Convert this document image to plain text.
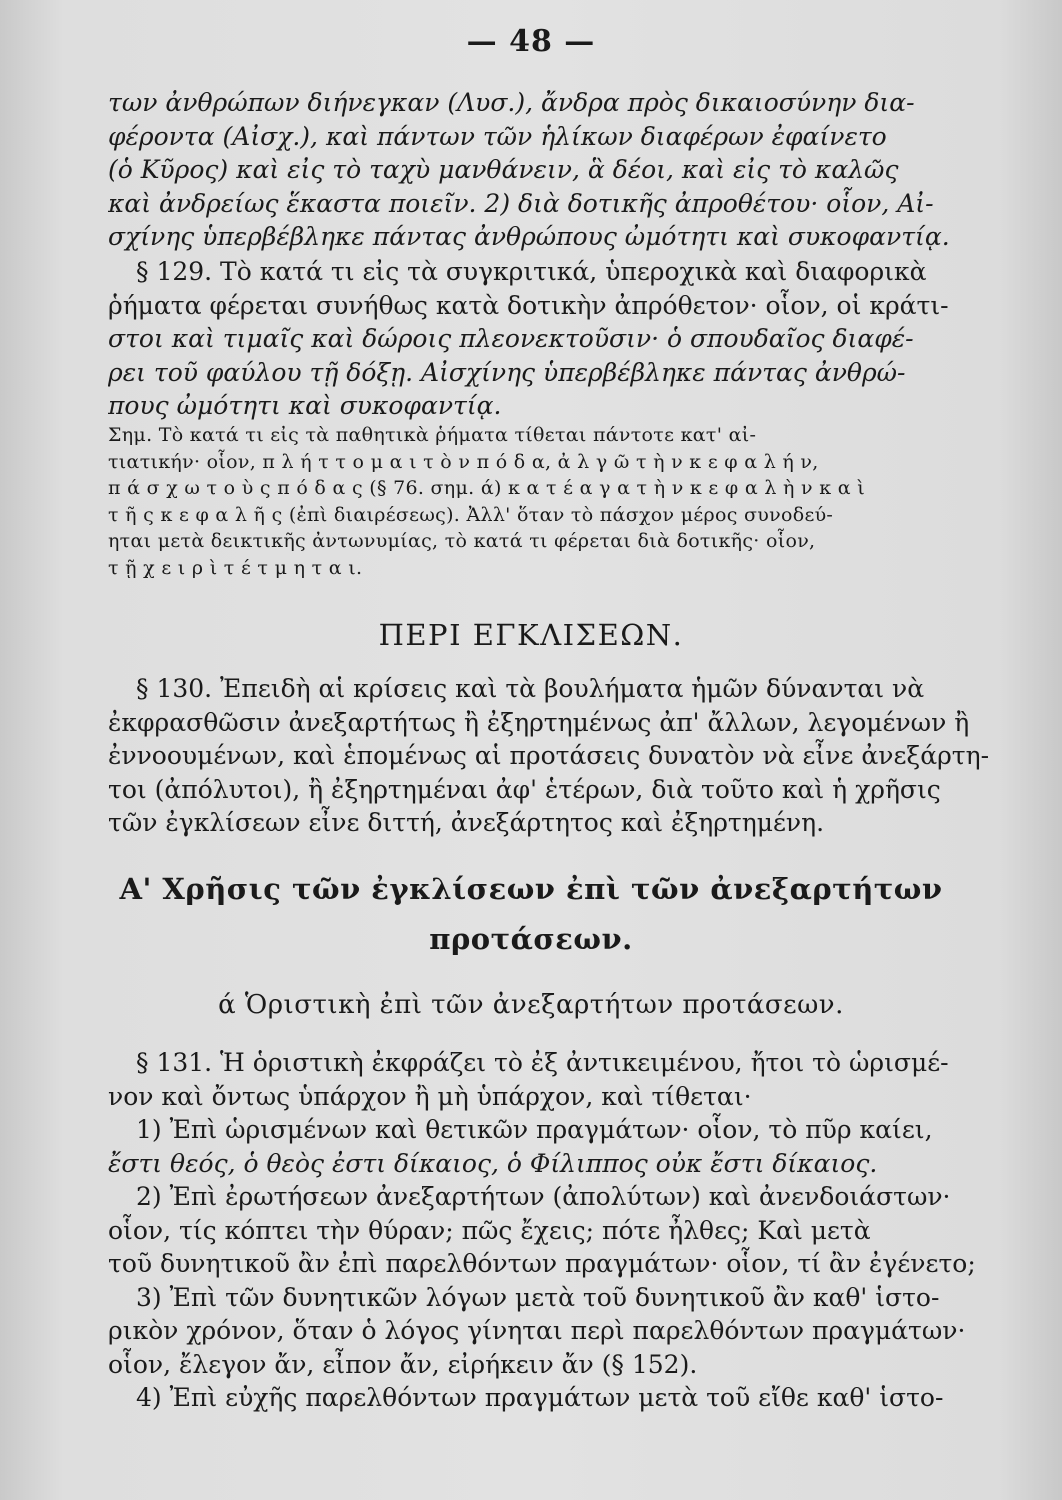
— 48 —
των ἀνθρώπων διήνεγκαν (Λυσ.), ἄνδρα πρὸς δικαιοσύνην δια-
φέροντα (Αἰσχ.), καὶ πάντων τῶν ἡλίκων διαφέρων ἐφαίνετο
(ὁ Κῦρος) καὶ εἰς τὸ ταχὺ μανθάνειν, ἃ δέοι, καὶ εἰς τὸ καλῶς
καὶ ἀνδρείως ἕκαστα ποιεῖν. 2) διὰ δοτικῆς ἀπροθέτου· οἷον, Αἰ-
σχίνης ὑπερβέβληκε πάντας ἀνθρώπους ὠμότητι καὶ συκοφαντίᾳ.
§ 129. Τὸ κατά τι εἰς τὰ συγκριτικά, ὑπεροχικὰ καὶ διαφορικὰ
ῥήματα φέρεται συνήθως κατὰ δοτικὴν ἀπρόθετον· οἷον, οἱ κράτι-
στοι καὶ τιμαῖς καὶ δώροις πλεονεκτοῦσιν· ὁ σπουδαῖος διαφέ-
ρει τοῦ φαύλου τῇ δόξῃ. Αἰσχίνης ὑπερβέβληκε πάντας ἀνθρώ-
πους ὠμότητι καὶ συκοφαντίᾳ.
Σημ. Τὸ κατά τι εἰς τὰ παθητικὰ ῥήματα τίθεται πάντοτε κατ' αἰ-
τιατικήν· οἷον, π λ ή τ τ ο μ α ι τ ὸ ν π ό δ α, ἀ λ γ ῶ τ ὴ ν κ ε φ α λ ή ν,
π ά σ χ ω τ ο ὺ ς π ό δ α ς (§ 76. σημ. ά) κ α τ έ α γ α τ ὴ ν κ ε φ α λ ὴ ν κ α ὶ
τ ῆ ς κ ε φ α λ ῆ ς (ἐπὶ διαιρέσεως). Ἀλλ' ὅταν τὸ πάσχον μέρος συνοδεύ-
ηται μετὰ δεικτικῆς ἀντωνυμίας, τὸ κατά τι φέρεται διὰ δοτικῆς· οἷον,
τ ῇ χ ε ι ρ ὶ τ έ τ μ η τ α ι.
ΠΕΡΙ ΕΓΚΛΙΣΕΩΝ.
§ 130. Ἐπειδὴ αἱ κρίσεις καὶ τὰ βουλήματα ἡμῶν δύνανται νὰ
ἐκφρασθῶσιν ἀνεξαρτήτως ἢ ἐξηρτημένως ἀπ' ἄλλων, λεγομένων ἢ
ἐννοουμένων, καὶ ἑπομένως αἱ προτάσεις δυνατὸν νὰ εἶνε ἀνεξάρτη-
τοι (ἀπόλυτοι), ἢ ἐξηρτημέναι ἀφ' ἑτέρων, διὰ τοῦτο καὶ ἡ χρῆσις
τῶν ἐγκλίσεων εἶνε διττή, ἀνεξάρτητος καὶ ἐξηρτημένη.
Α' Χρῆσις τῶν ἐγκλίσεων ἐπὶ τῶν ἀνεξαρτήτων
προτάσεων.
ά Ὁριστικὴ ἐπὶ τῶν ἀνεξαρτήτων προτάσεων.
§ 131. Ἡ ὁριστικὴ ἐκφράζει τὸ ἐξ ἀντικειμένου, ἤτοι τὸ ὡρισμέ-
νον καὶ ὄντως ὑπάρχον ἢ μὴ ὑπάρχον, καὶ τίθεται·
1) Ἐπὶ ὡρισμένων καὶ θετικῶν πραγμάτων· οἷον, τὸ πῦρ καίει,
ἔστι θεός, ὁ θεὸς ἐστι δίκαιος, ὁ Φίλιππος οὐκ ἔστι δίκαιος.
2) Ἐπὶ ἐρωτήσεων ἀνεξαρτήτων (ἀπολύτων) καὶ ἀνενδοιάστων·
οἷον, τίς κόπτει τὴν θύραν; πῶς ἔχεις; πότε ἦλθες; Καὶ μετὰ
τοῦ δυνητικοῦ ἂν ἐπὶ παρελθόντων πραγμάτων· οἷον, τί ἂν ἐγένετο;
3) Ἐπὶ τῶν δυνητικῶν λόγων μετὰ τοῦ δυνητικοῦ ἂν καθ' ἱστο-
ρικὸν χρόνον, ὅταν ὁ λόγος γίνηται περὶ παρελθόντων πραγμάτων·
οἷον, ἔλεγον ἄν, εἶπον ἄν, εἰρήκειν ἄν (§ 152).
4) Ἐπὶ εὐχῆς παρελθόντων πραγμάτων μετὰ τοῦ εἴθε καθ' ἱστο-
